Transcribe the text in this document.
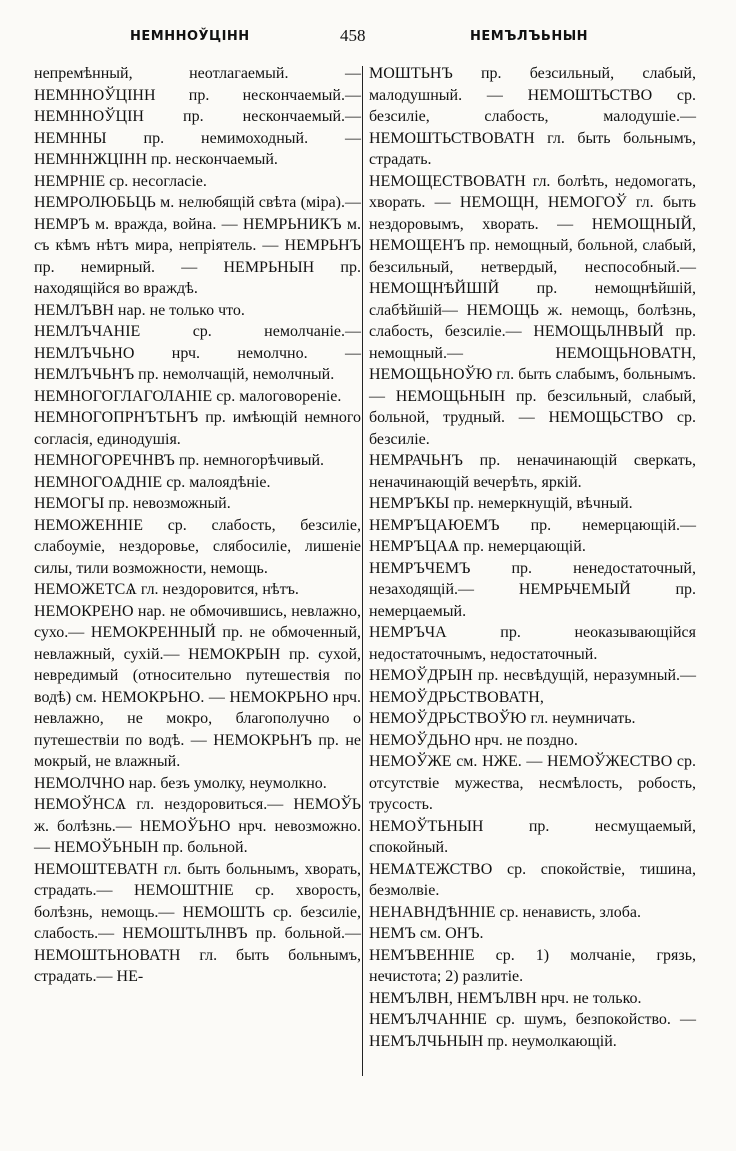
НЕМННОЎЦІНН	458	НЕМЪЛЪЬНЫН

непремѣнный, неотлагаемый. — НЕМННОЎЦІНН пр. нескончаемый.— НЕМННОЎЦІН пр. нескончаемый.— НЕМННЫ пр. немимоходный. — НЕМННЖЦІНН пр. нескончаемый.

НЕМРНІЕ ср. несогласіе.

НЕМРОЛЮБЬЦЬ м. нелюбящій свѣта (міра).— НЕМРЪ м. вражда, война. — НЕМРЬНИКЪ м. съ кѣмъ нѣтъ мира, непріятель. — НЕМРЬНЪ пр. немирный. — НЕМРЬНЫН пр. находящійся во враждѣ.

НЕМЛЪВН нар. не только что.

НЕМЛЪЧАНІЕ ср. немолчаніе.— НЕМЛЪЧЬНО нрч. немолчно. — НЕМЛЪЧЬНЪ пр. немолчащій, немолчный.

НЕМНОГОГЛАГОЛАНІЕ ср. малоговореніе.

НЕМНОГОПРНЪТЬНЪ пр. имѣющій немного согласія, единодушія.

НЕМНОГОРЕЧНВЪ пр. немногорѣчивый.

НЕМНОГОѦДНІЕ ср. малоядѣніе.

НЕМОГЫ пр. невозможный.

НЕМОЖЕННІЕ ср. слабость, безсиліе, слабоуміе, нездоровье, слябосиліе, лишеніе силы, тили возможности, немощь.

НЕМОЖЕТСѦ гл. нездоровится, нѣтъ.

НЕМОКРЕНО нар. не обмочившись, невлажно, сухо.— НЕМОКРЕННЫЙ пр. не обмоченный, невлажный, сухій.— НЕМОКРЫН пр. сухой, невредимый (относительно путешествія по водѣ) см. НЕМОКРЬНО. — НЕМОКРЬНО нрч. невлажно, не мокро, благополучно о путешествіи по водѣ. — НЕМОКРЬНЪ пр. не мокрый, не влажный.

НЕМОЛЧНО нар. безъ умолку, неумолкно.

НЕМОЎНСѦ гл. нездоровиться.— НЕМОЎЬ ж. болѣзнь.— НЕМОЎЬНО нрч. невозможно.— НЕМОЎЬНЫН пр. больной.

НЕМОШТЕВАТН гл. быть больнымъ, хворать, страдать.— НЕМОШТНІЕ ср. хворость, болѣзнь, немощь.— НЕМОШТЬ ср. безсиліе, слабость.— НЕМОШТЬЛНВЪ пр. больной.— НЕМОШТЬНОВАТН гл. быть больнымъ, страдать.— НЕ-

МОШТЬНЪ пр. безсильный, слабый, малодушный. — НЕМОШТЬСТВО ср. безсиліе, слабость, малодушіе.— НЕМОШТЬСТВОВАТН гл. быть больнымъ, страдать.

НЕМОЩЕСТВОВАТН гл. болѣть, недомогать, хворать. — НЕМОЩН, НЕМОГОЎ гл. быть нездоровымъ, хворать. — НЕМОЩНЫЙ, НЕМОЩЕНЪ пр. немощный, больной, слабый, безсильный, нетвердый, неспособный.— НЕМОЩНѢЙШІЙ пр. немощнѣйшій, слабѣйшій— НЕМОЩЬ ж. немощь, болѣзнь, слабость, безсиліе.— НЕМОЩЬЛНВЫЙ пр. немощный.— НЕМОЩЬНОВАТН, НЕМОЩЬНОЎЮ гл. быть слабымъ, больнымъ. — НЕМОЩЬНЫН пр. безсильный, слабый, больной, трудный. — НЕМОЩЬСТВО ср. безсиліе.

НЕМРАЧЬНЪ пр. неначинающій сверкать, неначинающій вечерѣть, яркій.

НЕМРЪКЫ пр. немеркнущій, вѣчный.

НЕМРЪЦАЮЕМЪ пр. немерцающій.— НЕМРЪЦАѦ пр. немерцающій.

НЕМРЪЧЕМЪ пр. ненедостаточный, незаходящій.— НЕМРЬЧЕМЫЙ пр. немерцаемый.

НЕМРЪЧА пр. неоказывающійся недостаточнымъ, недостаточный.

НЕМОЎДРЫН пр. несвѣдущій, неразумный.— НЕМОЎДРЬСТВОВАТН, НЕМОЎДРЬСТВОЎЮ гл. неумничать.

НЕМОЎДЬНО нрч. не поздно.

НЕМОЎЖЕ см. НЖЕ. — НЕМОЎЖЕСТВО ср. отсутствіе мужества, несмѣлость, робость, трусость.

НЕМОЎТЬНЫН пр. несмущаемый, спокойный.

НЕМѦТЕЖСТВО ср. спокойствіе, тишина, безмолвіе.

НЕНАВНДѢННІЕ ср. ненависть, злоба.

НЕМЪ см. ОНЪ.

НЕМЪВЕННІЕ ср. 1) молчаніе, грязь, нечистота; 2) разлитіе.

НЕМЪЛВН, НЕМЪЛВН нрч. не только.

НЕМЪЛЧАННІЕ ср. шумъ, безпокойство. —НЕМЪЛЧЬНЫН пр. неумолкающій.
